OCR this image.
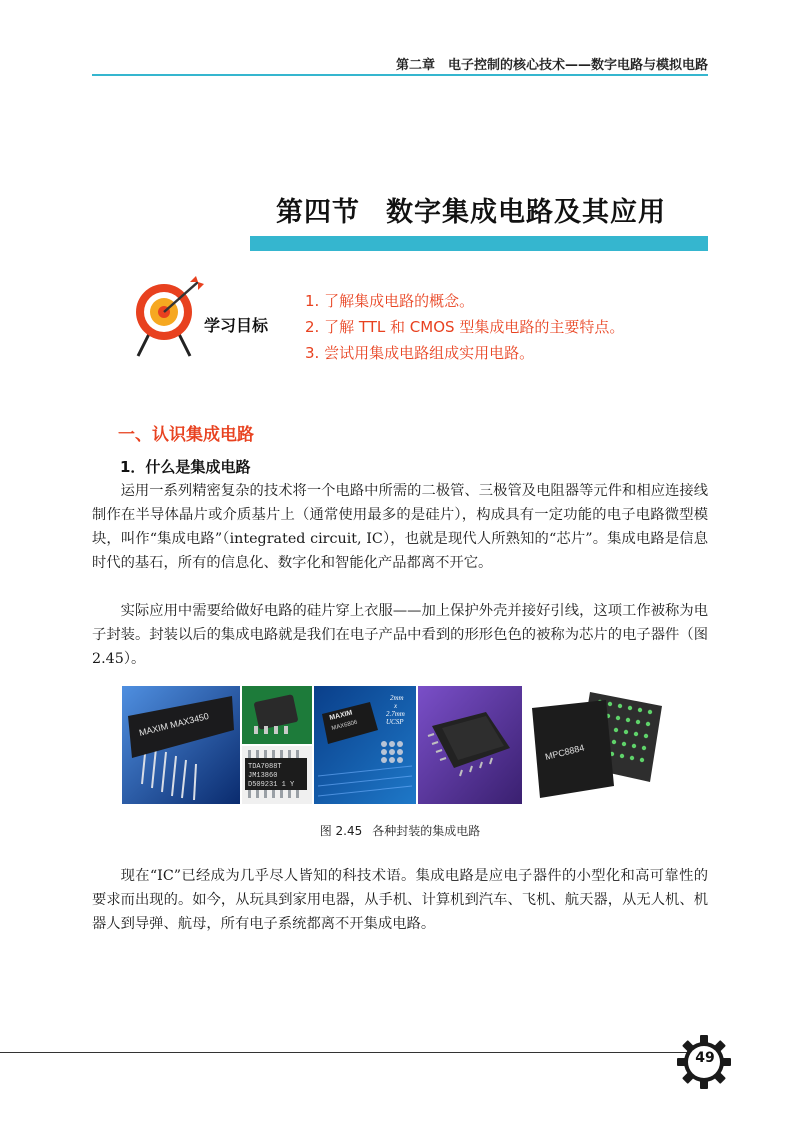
第二章　电子控制的核心技术——数字电路与模拟电路
第四节 数字集成电路及其应用
学习目标
1. 了解集成电路的概念。
2. 了解 TTL 和 CMOS 型集成电路的主要特点。
3. 尝试用集成电路组成实用电路。
一、认识集成电路
1．什么是集成电路

运用一系列精密复杂的技术将一个电路中所需的二极管、三极管及电阻器等元件和相应连接线制作在半导体晶片或介质基片上（通常使用最多的是硅片），构成具有一定功能的电子电路微型模块，叫作“集成电路”（integrated circuit, IC），也就是现代人所熟知的“芯片”。集成电路是信息时代的基石，所有的信息化、数字化和智能化产品都离不开它。

实际应用中需要给做好电路的硅片穿上衣服——加上保护外壳并接好引线，这项工作被称为电子封装。封装以后的集成电路就是我们在电子产品中看到的形形色色的被称为芯片的电子器件（图2.45）。

MAXIM MAX3450
TDA7088T
JM13860
D509231 1 Y
MAXIM
MAX6806
2mm
x
2.7mm
UCSP
MPC8884
图 2.45 各种封装的集成电路

现在“IC”已经成为几乎尽人皆知的科技术语。集成电路是应电子器件的小型化和高可靠性的要求而出现的。如今，从玩具到家用电器，从手机、计算机到汽车、飞机、航天器，从无人机、机器人到导弹、航母，所有电子系统都离不开集成电路。

49
